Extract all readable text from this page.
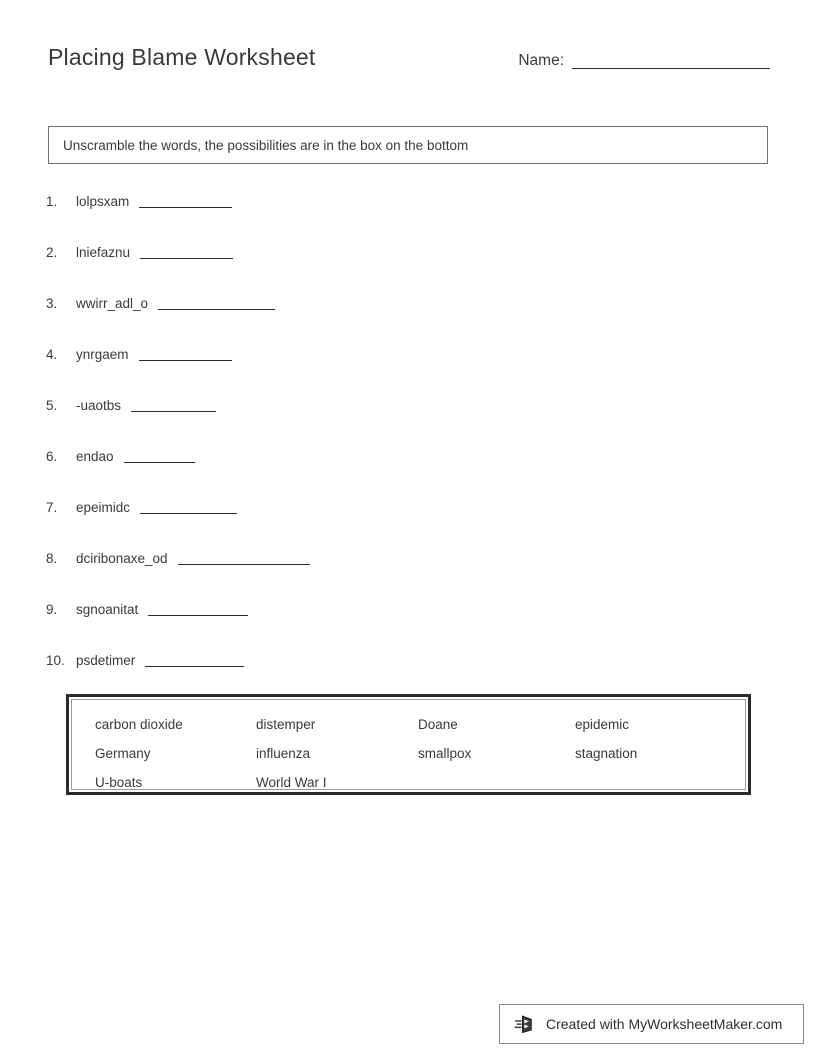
Placing Blame Worksheet	Name:
Unscramble the words, the possibilities are in the box on the bottom
1.	lolpsxam
2.	lniefaznu
3.	wwirr_adl_o
4.	ynrgaem
5.	-uaotbs
6.	endao
7.	epeimidc
8.	dciribonaxe_od
9.	sgnoanitat
10. psdetimer
carbon dioxide	distemper	Doane	epidemic
Germany	influenza	smallpox	stagnation
U-boats	World War I
Created with MyWorksheetMaker.com
